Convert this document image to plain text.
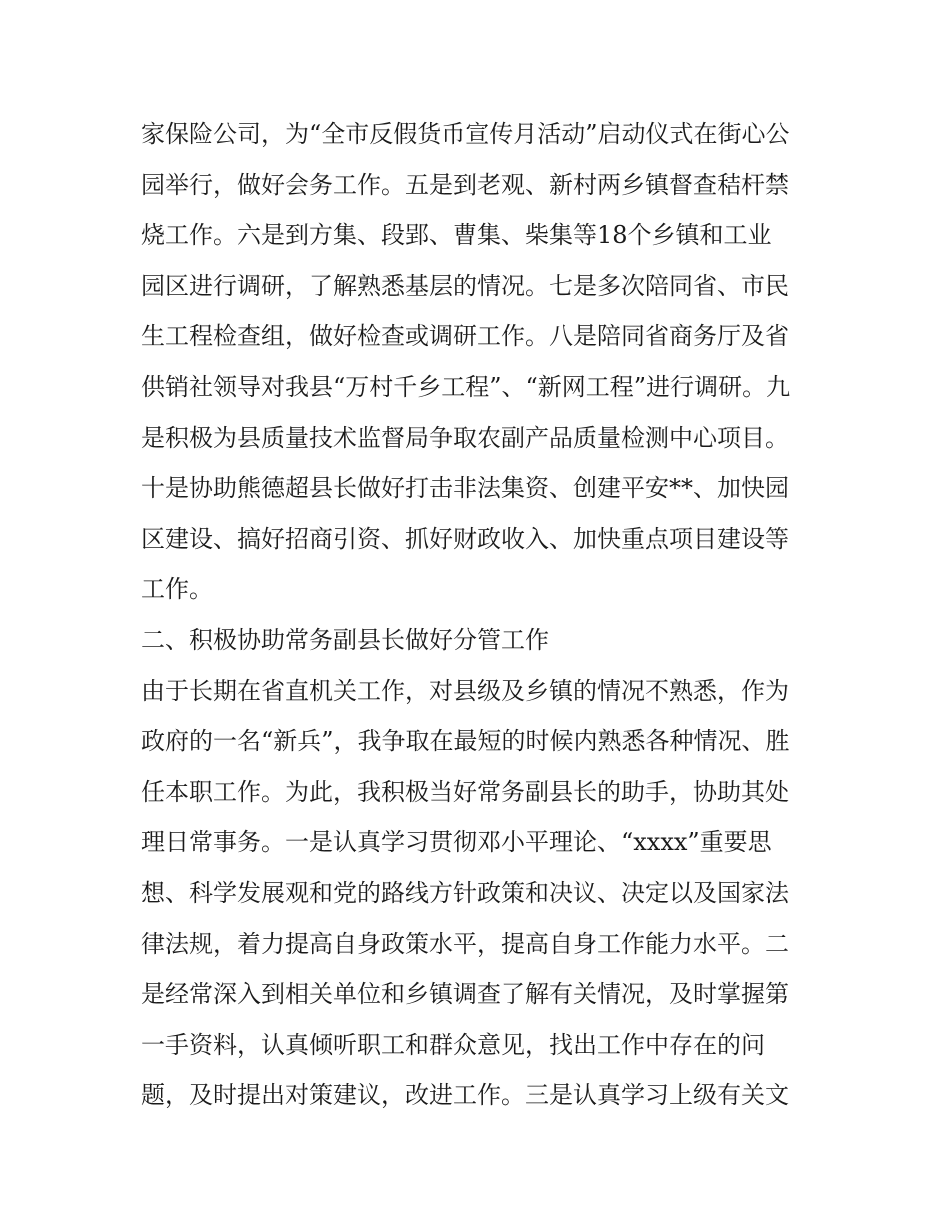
家保险公司，为“全市反假货币宣传月活动”启动仪式在街心公
园举行，做好会务工作。五是到老观、新村两乡镇督查秸杆禁
烧工作。六是到方集、段郢、曹集、柴集等18个乡镇和工业
园区进行调研，了解熟悉基层的情况。七是多次陪同省、市民
生工程检查组，做好检查或调研工作。八是陪同省商务厅及省
供销社领导对我县“万村千乡工程”、“新网工程”进行调研。九
是积极为县质量技术监督局争取农副产品质量检测中心项目。
十是协助熊德超县长做好打击非法集资、创建平安**、加快园
区建设、搞好招商引资、抓好财政收入、加快重点项目建设等
工作。
二、积极协助常务副县长做好分管工作
由于长期在省直机关工作，对县级及乡镇的情况不熟悉，作为
政府的一名“新兵”，我争取在最短的时候内熟悉各种情况、胜
任本职工作。为此，我积极当好常务副县长的助手，协助其处
理日常事务。一是认真学习贯彻邓小平理论、“xxxx”重要思
想、科学发展观和党的路线方针政策和决议、决定以及国家法
律法规，着力提高自身政策水平，提高自身工作能力水平。二
是经常深入到相关单位和乡镇调查了解有关情况，及时掌握第
一手资料，认真倾听职工和群众意见，找出工作中存在的问
题，及时提出对策建议，改进工作。三是认真学习上级有关文
